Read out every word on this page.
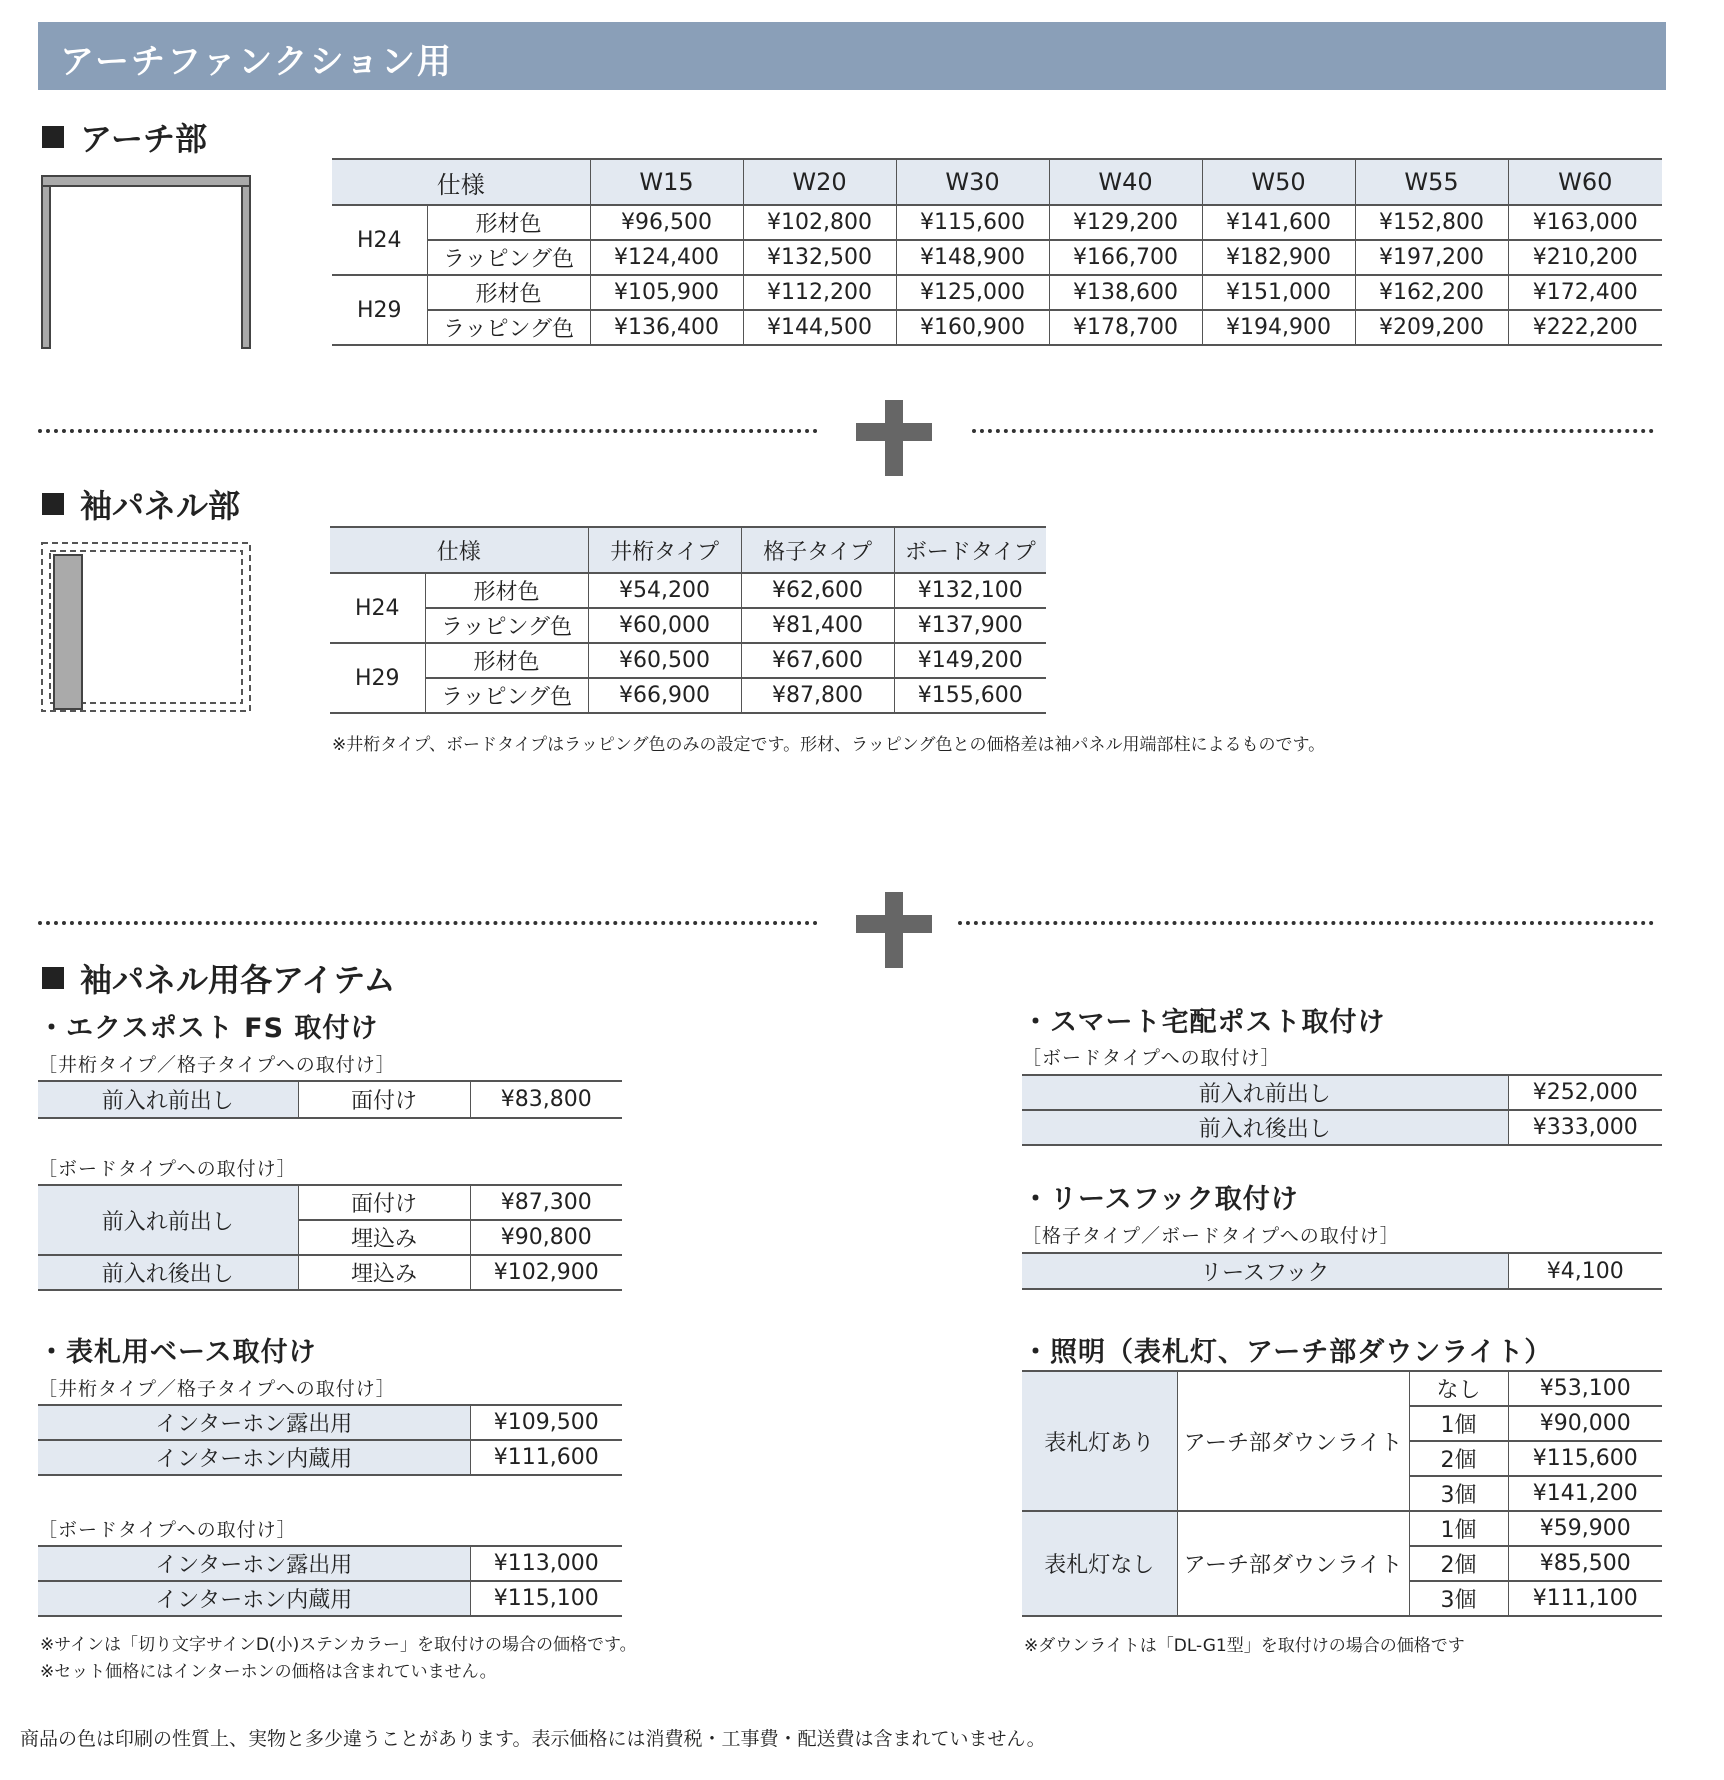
アーチファンクション用
アーチ部
仕様		W15	W20	W30	W40	W50	W55	W60
H24	形材色	¥96,500	¥102,800	¥115,600	¥129,200	¥141,600	¥152,800	¥163,000
	ラッピング色	¥124,400	¥132,500	¥148,900	¥166,700	¥182,900	¥197,200	¥210,200
H29	形材色	¥105,900	¥112,200	¥125,000	¥138,600	¥151,000	¥162,200	¥172,400
	ラッピング色	¥136,400	¥144,500	¥160,900	¥178,700	¥194,900	¥209,200	¥222,200
袖パネル部
仕様		井桁タイプ	格子タイプ	ボードタイプ
H24	形材色	¥54,200	¥62,600	¥132,100
	ラッピング色	¥60,000	¥81,400	¥137,900
H29	形材色	¥60,500	¥67,600	¥149,200
	ラッピング色	¥66,900	¥87,800	¥155,600
※井桁タイプ、ボードタイプはラッピング色のみの設定です。形材、ラッピング色との価格差は袖パネル用端部柱によるものです。
袖パネル用各アイテム
・エクスポスト FS 取付け
［井桁タイプ／格子タイプへの取付け］
前入れ前出し	面付け	¥83,800
［ボードタイプへの取付け］
前入れ前出し	面付け	¥87,300
	埋込み	¥90,800
前入れ後出し	埋込み	¥102,900
・表札用ベース取付け
［井桁タイプ／格子タイプへの取付け］
インターホン露出用	¥109,500
インターホン内蔵用	¥111,600
［ボードタイプへの取付け］
インターホン露出用	¥113,000
インターホン内蔵用	¥115,100
※サインは「切り文字サインD(小)ステンカラー」を取付けの場合の価格です。
※セット価格にはインターホンの価格は含まれていません。
・スマート宅配ポスト取付け
［ボードタイプへの取付け］
前入れ前出し	¥252,000
前入れ後出し	¥333,000
・リースフック取付け
［格子タイプ／ボードタイプへの取付け］
リースフック	¥4,100
・照明（表札灯、アーチ部ダウンライト）
表札灯あり	アーチ部ダウンライト	なし	¥53,100
		1個	¥90,000
		2個	¥115,600
		3個	¥141,200
表札灯なし	アーチ部ダウンライト	1個	¥59,900
		2個	¥85,500
		3個	¥111,100
※ダウンライトは「DL-G1型」を取付けの場合の価格です
商品の色は印刷の性質上、実物と多少違うことがあります。表示価格には消費税・工事費・配送費は含まれていません。
